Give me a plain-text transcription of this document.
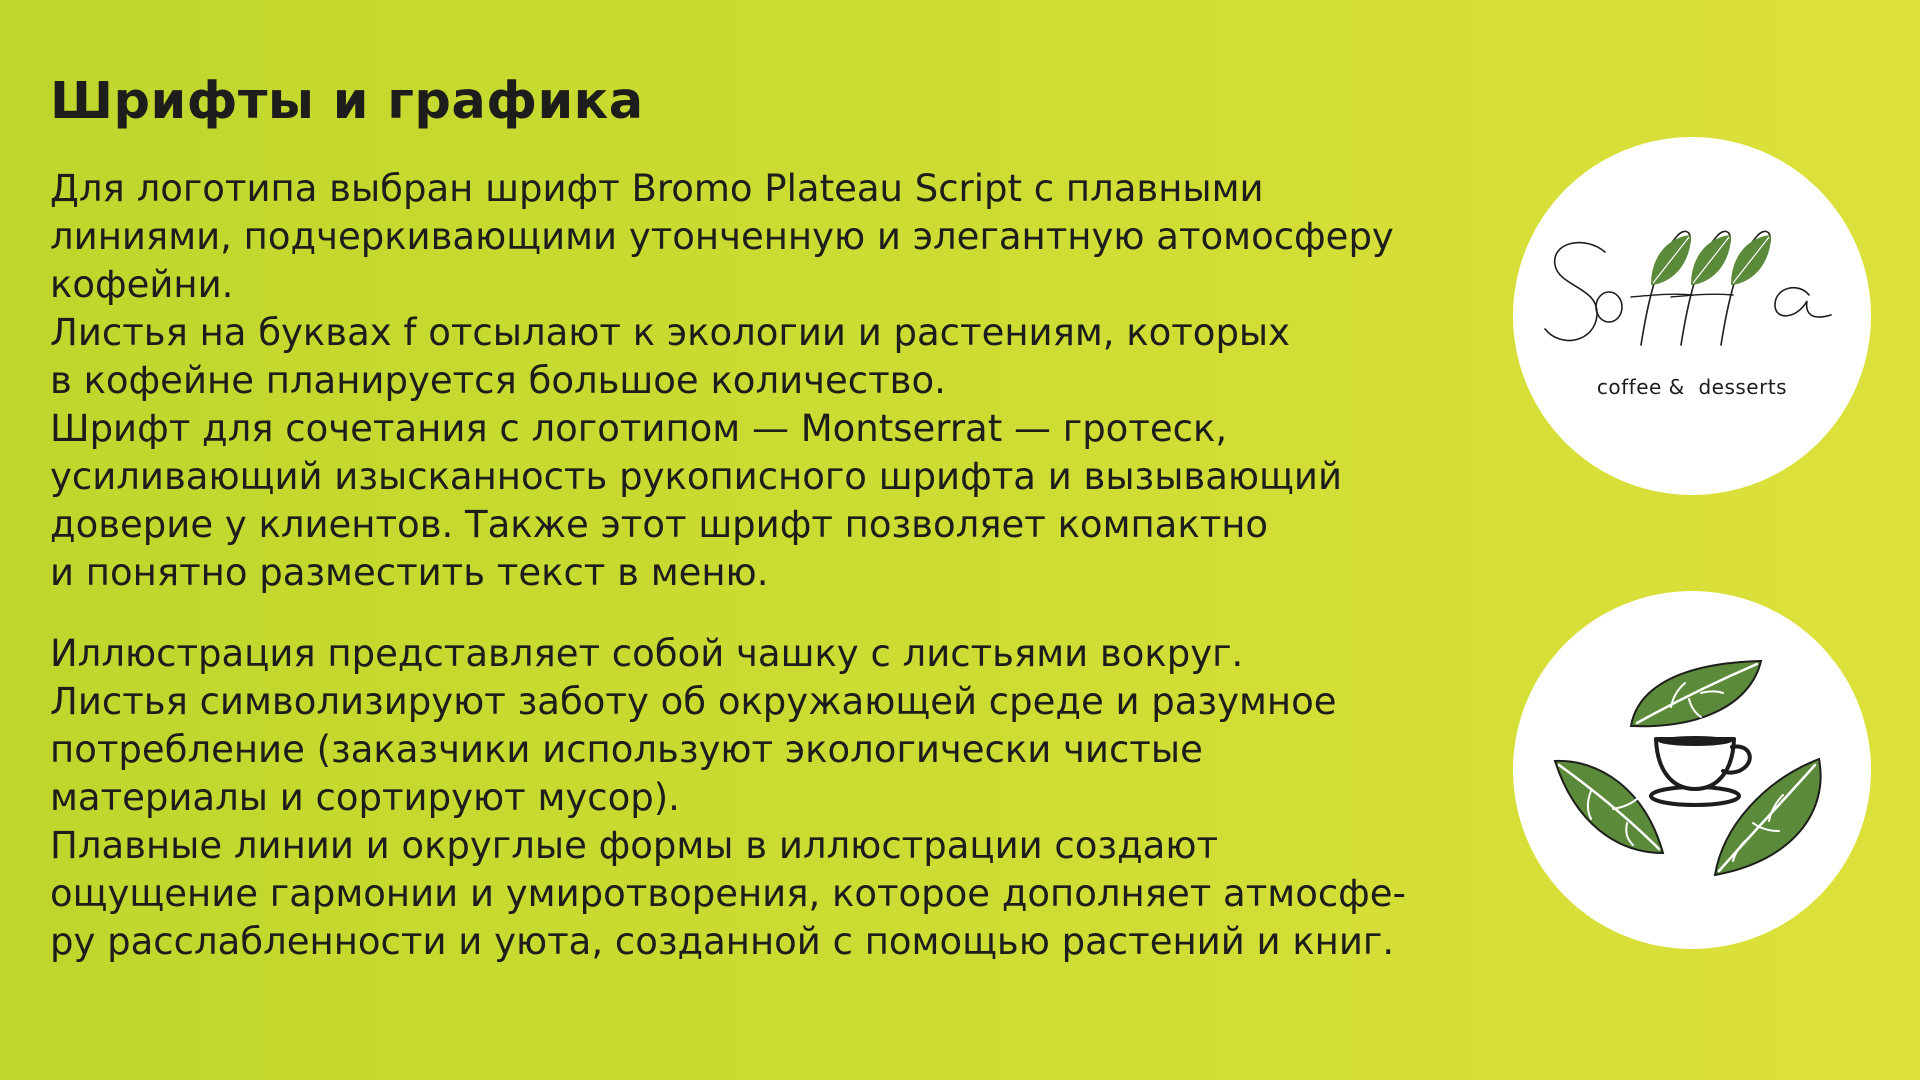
Шрифты и графика
Для логотипа выбран шрифт Bromo Plateau Script с плавными
линиями, подчеркивающими утонченную и элегантную атомосферу
кофейни.
Листья на буквах f отсылают к экологии и растениям, которых
в кофейне планируется большое количество.
Шрифт для сочетания с логотипом — Montserrat — гротеск,
усиливающий изысканность рукописного шрифта и вызывающий
доверие у клиентов. Также этот шрифт позволяет компактно
и понятно разместить текст в меню.
Иллюстрация представляет собой чашку с листьями вокруг.
Листья символизируют заботу об окружающей среде и разумное
потребление (заказчики используют экологически чистые
материалы и сортируют мусор).
Плавные линии и округлые формы в иллюстрации создают
ощущение гармонии и умиротворения, которое дополняет атмосфе-
ру расслабленности и уюта, созданной с помощью растений и книг.
coffee &  desserts
